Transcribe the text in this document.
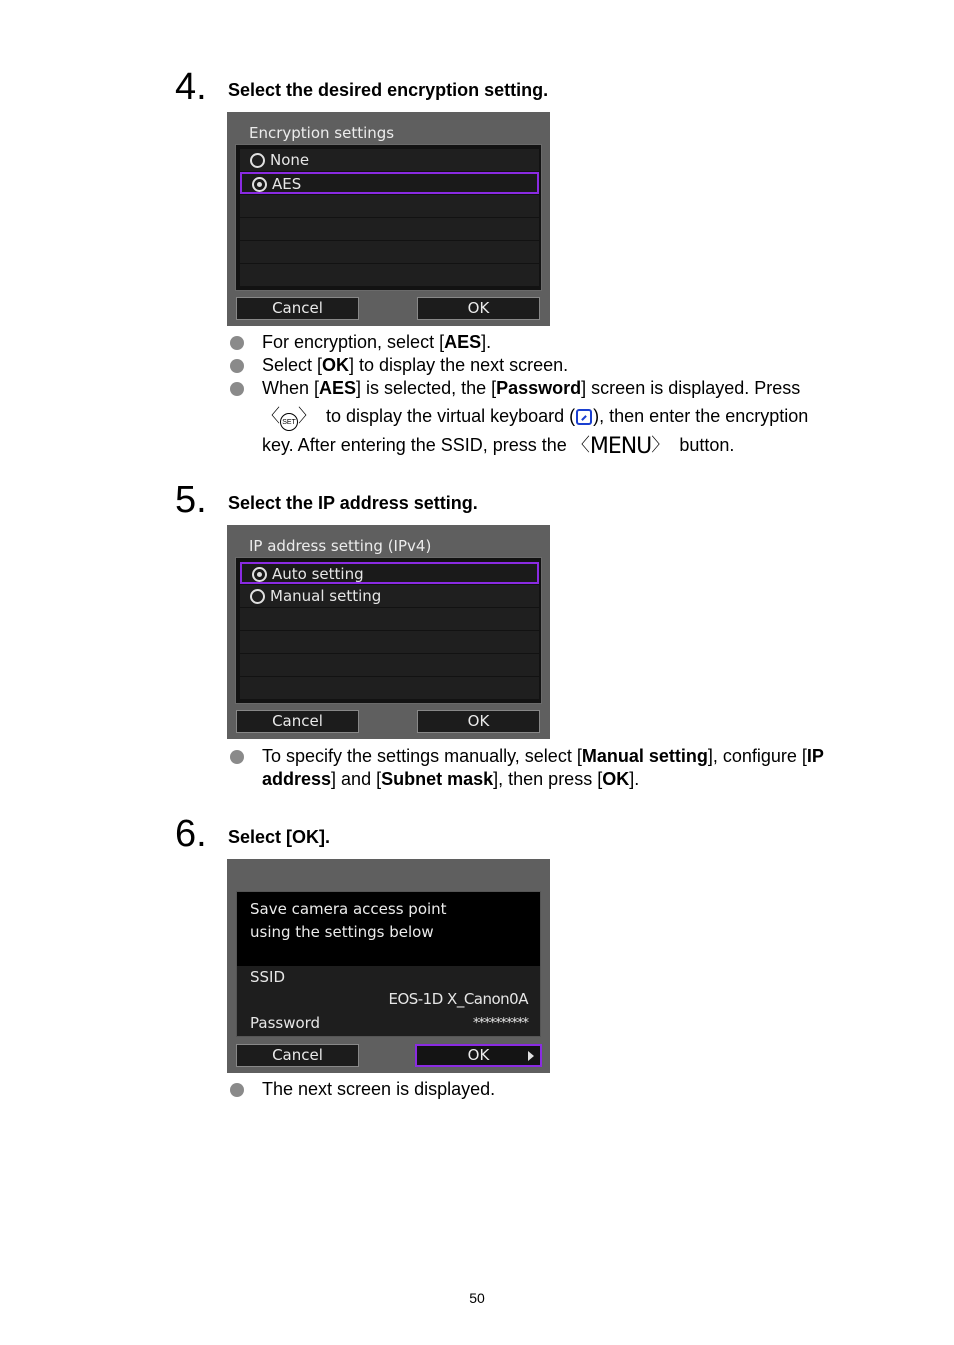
4. Select the desired encryption setting.
Encryption settings
None
AES
Cancel	OK
For encryption, select [AES].
Select [OK] to display the next screen.
When [AES] is selected, the [Password] screen is displayed. Press
〈 SET 〉  to display the virtual keyboard ( ), then enter the encryption
key. After entering the SSID, press the 〈MENU〉  button.
5. Select the IP address setting.
IP address setting (IPv4)
Auto setting
Manual setting
Cancel	OK
To specify the settings manually, select [Manual setting], configure [IP
address] and [Subnet mask], then press [OK].
6. Select [OK].
Save camera access point
using the settings below
SSID
EOS-1D X_Canon0A
Password	**********
Cancel	OK
The next screen is displayed.
50
